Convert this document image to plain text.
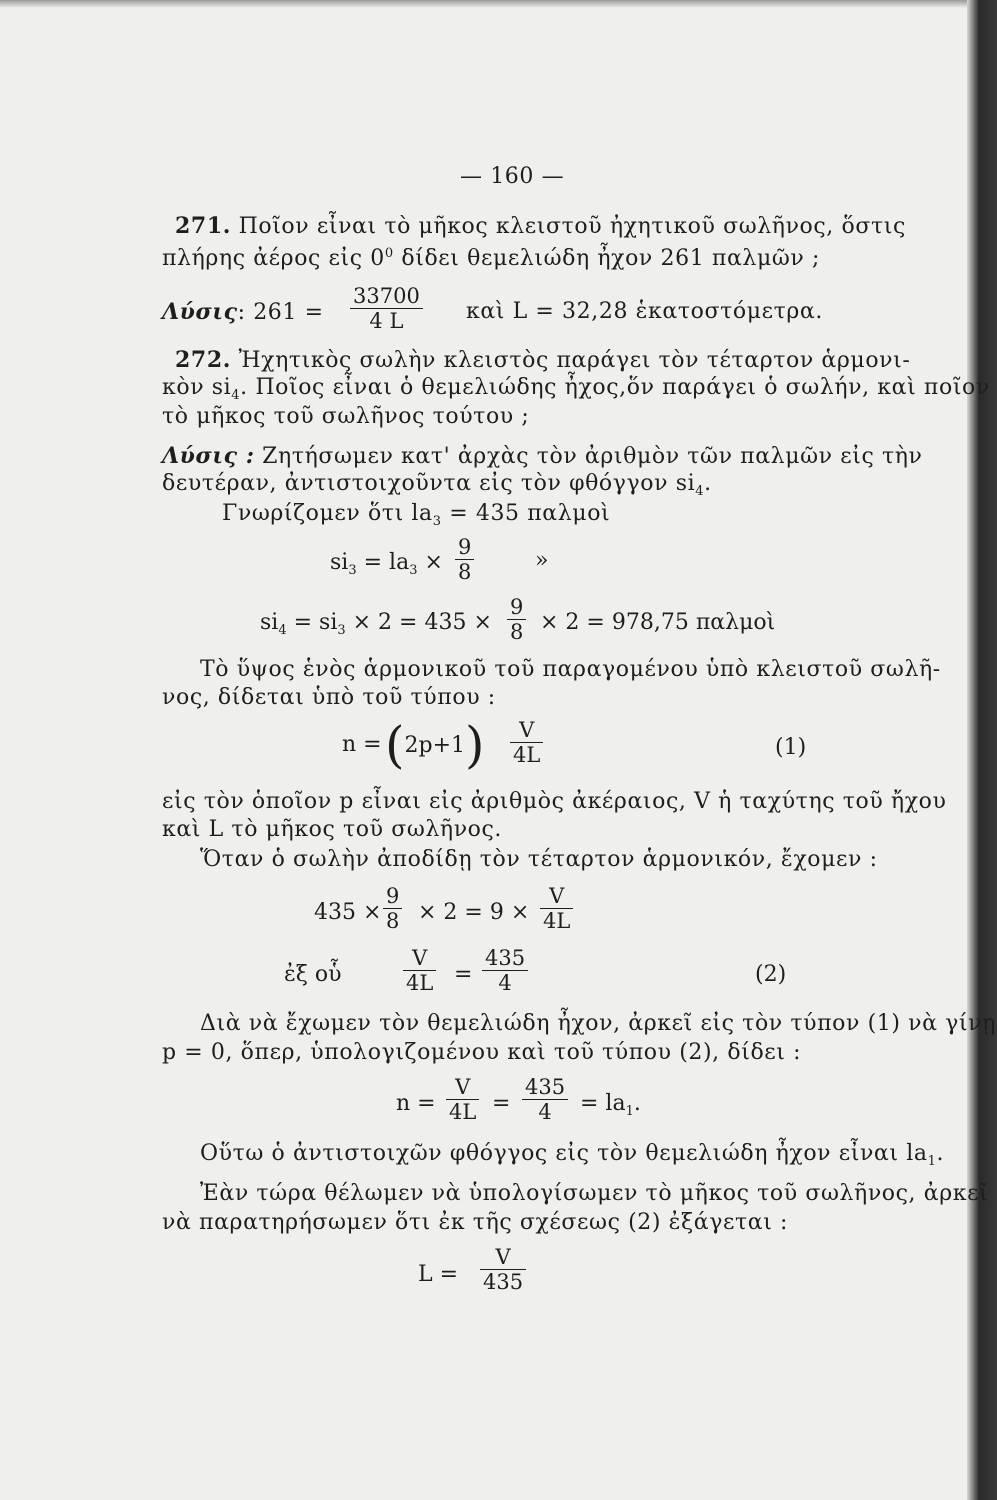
— 160 —
271. Ποῖον εἶναι τὸ μῆκος κλειστοῦ ἠχητικοῦ σωλῆνος, ὅστις
πλήρης ἀέρος εἰς $0^0$ δίδει θεμελιώδη ἦχον 261 παλμῶν ;
Λύσις: $261 = \frac{33700}{4 L}$ καὶ L = 32,28 ἑκατοστόμετρα.
272. Ἠχητικὸς σωλὴν κλειστὸς παράγει τὸν τέταρτον ἁρμονι-
κὸν $si_4$. Ποῖος εἶναι ὁ θεμελιώδης ἦχος,ὅν παράγει ὁ σωλήν, καὶ ποῖον
τὸ μῆκος τοῦ σωλῆνος τούτου ;
Λύσις : Ζητήσωμεν κατ' ἀρχὰς τὸν ἀριθμὸν τῶν παλμῶν εἰς τὴν
δευτέραν, ἀντιστοιχοῦντα εἰς τὸν φθόγγον $si_4$.
Γνωρίζομεν ὅτι $la_3 = 435$ παλμοὶ
$si_3 = la_3 \times \frac{9}{8}$	»
$si_4 = si_3 \times 2 = 435 \times \frac{9}{8} \times 2 = 978,75$ παλμοὶ
Τὸ ὕψος ἑνὸς ἁρμονικοῦ τοῦ παραγομένου ὑπὸ κλειστοῦ σωλῆ-
νος, δίδεται ὑπὸ τοῦ τύπου :
$n = (2p+1) \frac{V}{4L}$	(1)
εἰς τὸν ὁποῖον p εἶναι εἰς ἀριθμὸς ἀκέραιος, V ἡ ταχύτης τοῦ ἤχου
καὶ L τὸ μῆκος τοῦ σωλῆνος.
Ὅταν ὁ σωλὴν ἀποδίδῃ τὸν τέταρτον ἁρμονικόν, ἔχομεν :
$435 \times \frac{9}{8} \times 2 = 9 \times \frac{V}{4L}$
ἐξ οὗ	$\frac{V}{4L} = \frac{435}{4}$	(2)
Διὰ νὰ ἔχωμεν τὸν θεμελιώδη ἦχον, ἀρκεῖ εἰς τὸν τύπον (1) νὰ γίνῃ
p = 0, ὅπερ, ὑπολογιζομένου καὶ τοῦ τύπου (2), δίδει :
$n = \frac{V}{4L} = \frac{435}{4} = la_1$.
Οὕτω ὁ ἀντιστοιχῶν φθόγγος εἰς τὸν θεμελιώδη ἦχον εἶναι $la_1$.
Ἐὰν τώρα θέλωμεν νὰ ὑπολογίσωμεν τὸ μῆκος τοῦ σωλῆνος, ἀρκεῖ
νὰ παρατηρήσωμεν ὅτι ἐκ τῆς σχέσεως (2) ἐξάγεται :
$L = \frac{V}{435}$
